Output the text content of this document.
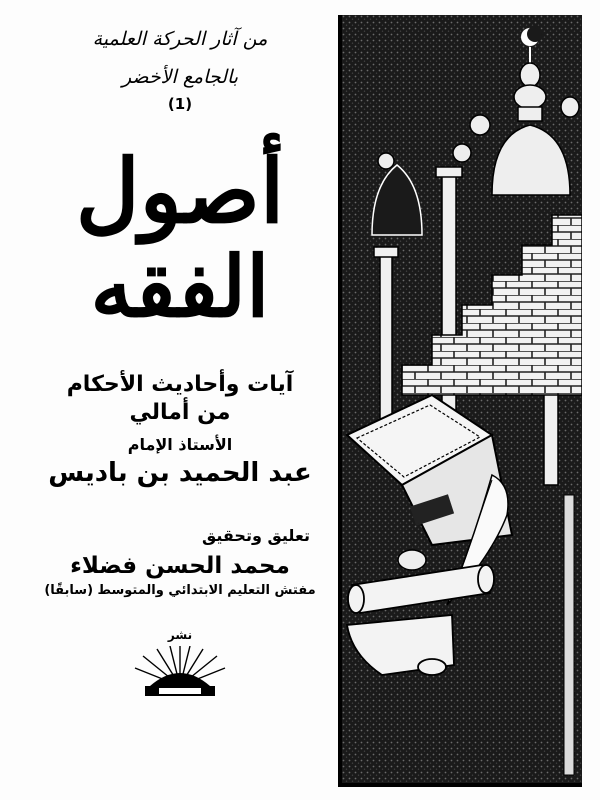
من آثار الحركة العلمية
بالجامع الأخضر
(1)
أصول
الفقه
آيات وأحاديث الأحكام
من أمالي
الأستاذ الإمام
عبد الحميد بن باديس
تعليق وتحقيق
محمد الحسن فضلاء
مفتش التعليم الابتدائي والمتوسط (سابقًا)
نشر
